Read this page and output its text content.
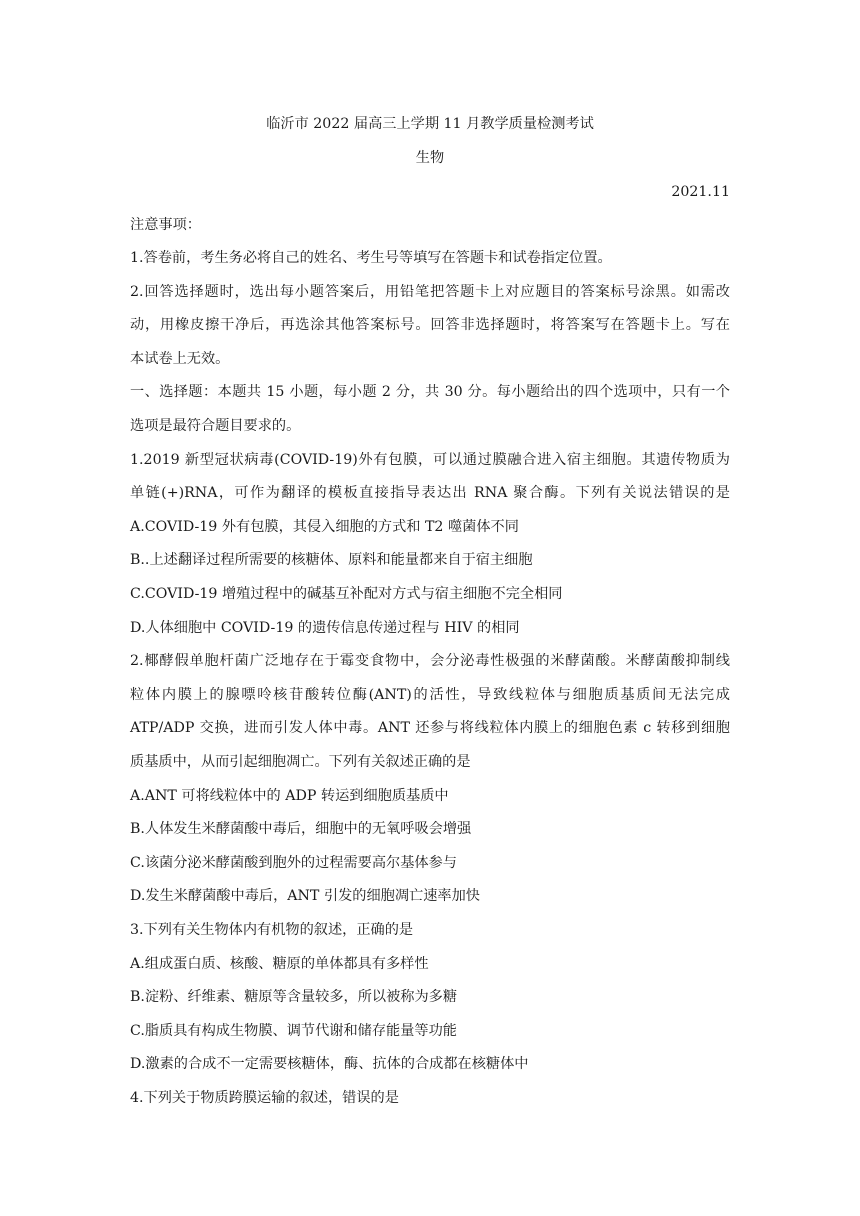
临沂市 2022 届高三上学期 11 月教学质量检测考试
生物
2021.11
注意事项：
1.答卷前，考生务必将自己的姓名、考生号等填写在答题卡和试卷指定位置。
2.回答选择题时，选出每小题答案后，用铅笔把答题卡上对应题目的答案标号涂黑。如需改
动，用橡皮擦干净后，再选涂其他答案标号。回答非选择题时，将答案写在答题卡上。写在
本试卷上无效。
一、选择题：本题共 15 小题，每小题 2 分，共 30 分。每小题给出的四个选项中，只有一个
选项是最符合题目要求的。
1.2019 新型冠状病毒(COVID-19)外有包膜，可以通过膜融合进入宿主细胞。其遗传物质为
单链(+)RNA，可作为翻译的模板直接指导表达出 RNA 聚合酶。下列有关说法错误的是
A.COVID-19 外有包膜，其侵入细胞的方式和 T2 噬菌体不同
B..上述翻译过程所需要的核糖体、原料和能量都来自于宿主细胞
C.COVID-19 增殖过程中的碱基互补配对方式与宿主细胞不完全相同
D.人体细胞中 COVID-19 的遗传信息传递过程与 HIV 的相同
2.椰酵假单胞杆菌广泛地存在于霉变食物中，会分泌毒性极强的米酵菌酸。米酵菌酸抑制线
粒体内膜上的腺嘌呤核苷酸转位酶(ANT)的活性，导致线粒体与细胞质基质间无法完成
ATP/ADP 交换，进而引发人体中毒。ANT 还参与将线粒体内膜上的细胞色素 c 转移到细胞
质基质中，从而引起细胞凋亡。下列有关叙述正确的是
A.ANT 可将线粒体中的 ADP 转运到细胞质基质中
B.人体发生米酵菌酸中毒后，细胞中的无氧呼吸会增强
C.该菌分泌米酵菌酸到胞外的过程需要高尔基体参与
D.发生米酵菌酸中毒后，ANT 引发的细胞凋亡速率加快
3.下列有关生物体内有机物的叙述，正确的是
A.组成蛋白质、核酸、糖原的单体都具有多样性
B.淀粉、纤维素、糖原等含量较多，所以被称为多糖
C.脂质具有构成生物膜、调节代谢和储存能量等功能
D.激素的合成不一定需要核糖体，酶、抗体的合成都在核糖体中
4.下列关于物质跨膜运输的叙述，错误的是
